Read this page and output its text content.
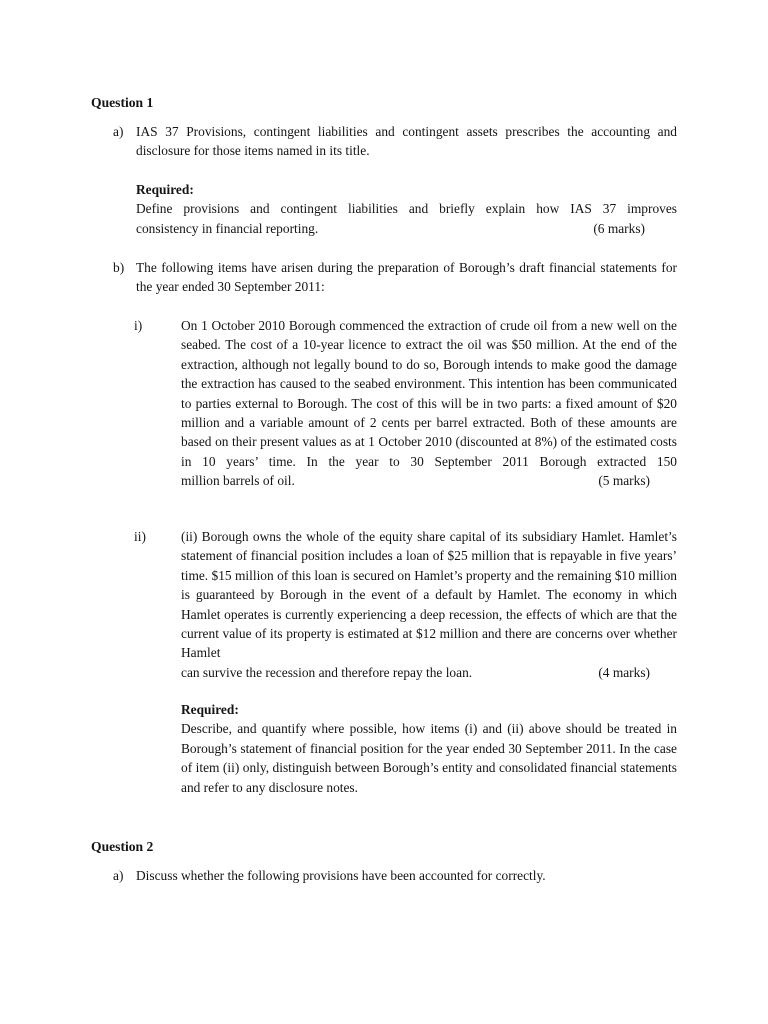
Question 1
a) IAS 37 Provisions, contingent liabilities and contingent assets prescribes the accounting and disclosure for those items named in its title.
Required:
Define provisions and contingent liabilities and briefly explain how IAS 37 improves
consistency in financial reporting.	(6 marks)
b) The following items have arisen during the preparation of Borough’s draft financial statements for the year ended 30 September 2011:
i)	On 1 October 2010 Borough commenced the extraction of crude oil from a new well on the seabed. The cost of a 10-year licence to extract the oil was $50 million. At the end of the extraction, although not legally bound to do so, Borough intends to make good the damage the extraction has caused to the seabed environment. This intention has been communicated to parties external to Borough. The cost of this will be in two parts: a fixed amount of $20 million and a variable amount of 2 cents per barrel extracted. Both of these amounts are based on their present values as at 1 October 2010 (discounted at 8%) of the estimated costs in 10 years’ time. In the year to 30 September 2011 Borough extracted 150
million barrels of oil.	(5 marks)
ii)	(ii) Borough owns the whole of the equity share capital of its subsidiary Hamlet. Hamlet’s statement of financial position includes a loan of $25 million that is repayable in five years’ time. $15 million of this loan is secured on Hamlet’s property and the remaining $10 million is guaranteed by Borough in the event of a default by Hamlet. The economy in which Hamlet operates is currently experiencing a deep recession, the effects of which are that the current value of its property is estimated at $12 million and there are concerns over whether Hamlet
can survive the recession and therefore repay the loan.	(4 marks)
Required:
Describe, and quantify where possible, how items (i) and (ii) above should be treated in Borough’s statement of financial position for the year ended 30 September 2011. In the case of item (ii) only, distinguish between Borough’s entity and consolidated financial statements and refer to any disclosure notes.
Question 2
a) Discuss whether the following provisions have been accounted for correctly.
